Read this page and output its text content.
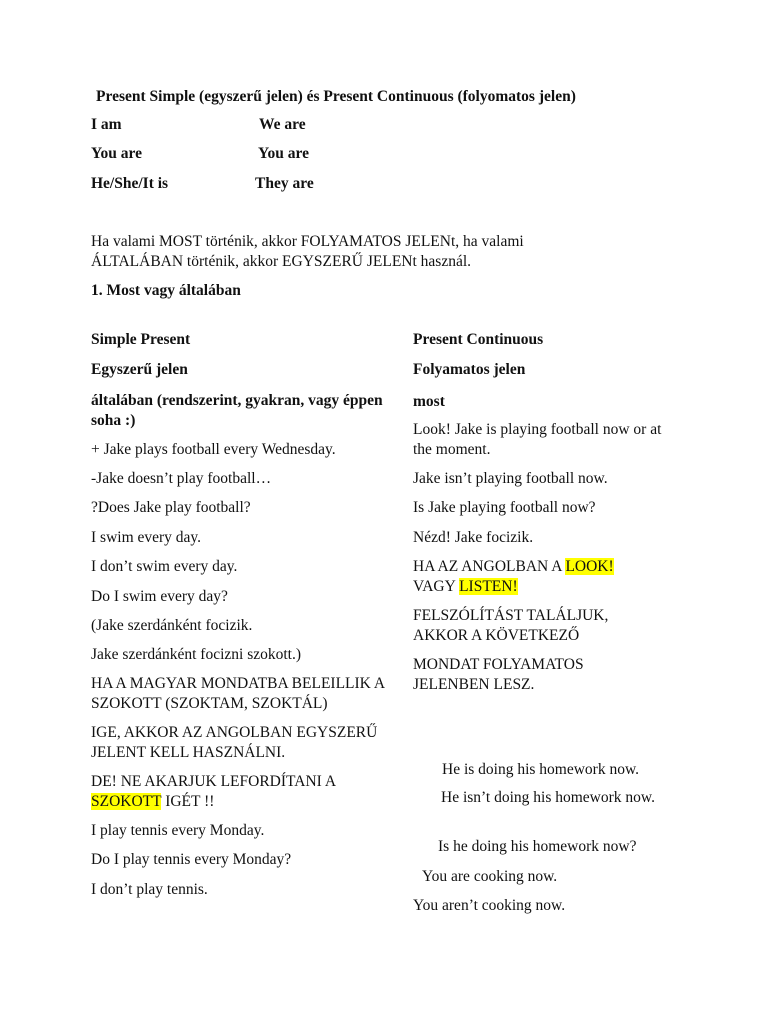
Present Simple (egyszerű jelen) és Present Continuous (folyomatos jelen)

I am	We are

You are	You are

He/She/It is	They are

Ha valami MOST történik, akkor FOLYAMATOS JELENt, ha valami

ÁLTALÁBAN történik, akkor EGYSZERŰ JELENt használ.

1. Most vagy általában

Simple Present

Egyszerű jelen

általában (rendszerint, gyakran, vagy éppen soha :)

+ Jake plays football every Wednesday.

-Jake doesn’t play football…

?Does Jake play football?

I swim every day.

I don’t swim every day.

Do I swim every day?

(Jake szerdánként focizik.

Jake szerdánként focizni szokott.)

HA A MAGYAR MONDATBA BELEILLIK A SZOKOTT (SZOKTAM, SZOKTÁL)

IGE, AKKOR AZ ANGOLBAN EGYSZERŰ JELENT KELL HASZNÁLNI.

DE! NE AKARJUK LEFORDÍTANI A SZOKOTT IGÉT !!

I play tennis every Monday.

Do I play tennis every Monday?

I don’t play tennis.

Present Continuous

Folyamatos jelen

most

Look! Jake is playing football now or at the moment.

Jake isn’t playing football now.

Is Jake playing football now?

Nézd! Jake focizik.

HA AZ ANGOLBAN A LOOK! VAGY LISTEN!

FELSZÓLÍTÁST TALÁLJUK, AKKOR A KÖVETKEZŐ

MONDAT FOLYAMATOS JELENBEN LESZ.

He is doing his homework now.

He isn’t doing his homework now.

Is he doing his homework now?

You are cooking now.

You aren’t cooking now.
